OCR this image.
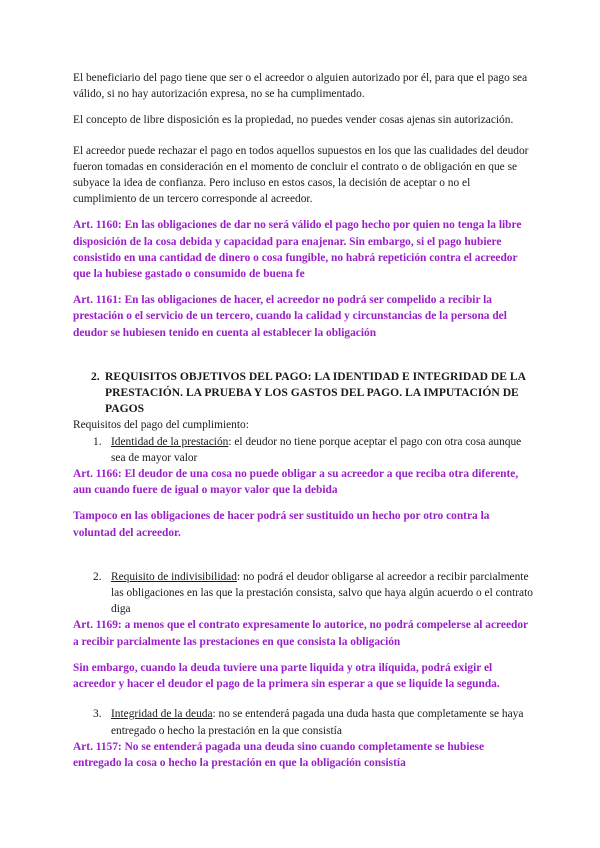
El beneficiario del pago tiene que ser o el acreedor o alguien autorizado por él, para que el pago sea válido, si no hay autorización expresa, no se ha cumplimentado.

El concepto de libre disposición es la propiedad, no puedes vender cosas ajenas sin autorización.

El acreedor puede rechazar el pago en todos aquellos supuestos en los que las cualidades del deudor fueron tomadas en consideración en el momento de concluir el contrato o de obligación en que se subyace la idea de confianza. Pero incluso en estos casos, la decisión de aceptar o no el cumplimiento de un tercero corresponde al acreedor.

Art. 1160: En las obligaciones de dar no será válido el pago hecho por quien no tenga la libre disposición de la cosa debida y capacidad para enajenar. Sin embargo, si el pago hubiere consistido en una cantidad de dinero o cosa fungible, no habrá repetición contra el acreedor que la hubiese gastado o consumido de buena fe

Art. 1161: En las obligaciones de hacer, el acreedor no podrá ser compelido a recibir la prestación o el servicio de un tercero, cuando la calidad y circunstancias de la persona del deudor se hubiesen tenido en cuenta al establecer la obligación

2. REQUISITOS OBJETIVOS DEL PAGO: LA IDENTIDAD E INTEGRIDAD DE LA PRESTACIÓN. LA PRUEBA Y LOS GASTOS DEL PAGO. LA IMPUTACIÓN DE PAGOS

Requisitos del pago del cumplimiento:

1. Identidad de la prestación: el deudor no tiene porque aceptar el pago con otra cosa aunque sea de mayor valor

Art. 1166: El deudor de una cosa no puede obligar a su acreedor a que reciba otra diferente, aun cuando fuere de igual o mayor valor que la debida

Tampoco en las obligaciones de hacer podrá ser sustituido un hecho por otro contra la voluntad del acreedor.

2. Requisito de indivisibilidad: no podrá el deudor obligarse al acreedor a recibir parcialmente las obligaciones en las que la prestación consista, salvo que haya algún acuerdo o el contrato diga

Art. 1169: a menos que el contrato expresamente lo autorice, no podrá compelerse al acreedor a recibir parcialmente las prestaciones en que consista la obligación

Sin embargo, cuando la deuda tuviere una parte liquida y otra ilíquida, podrá exigir el acreedor y hacer el deudor el pago de la primera sin esperar a que se liquide la segunda.

3. Integridad de la deuda: no se entenderá pagada una duda hasta que completamente se haya entregado o hecho la prestación en la que consistía

Art. 1157: No se entenderá pagada una deuda sino cuando completamente se hubiese entregado la cosa o hecho la prestación en que la obligación consistía
